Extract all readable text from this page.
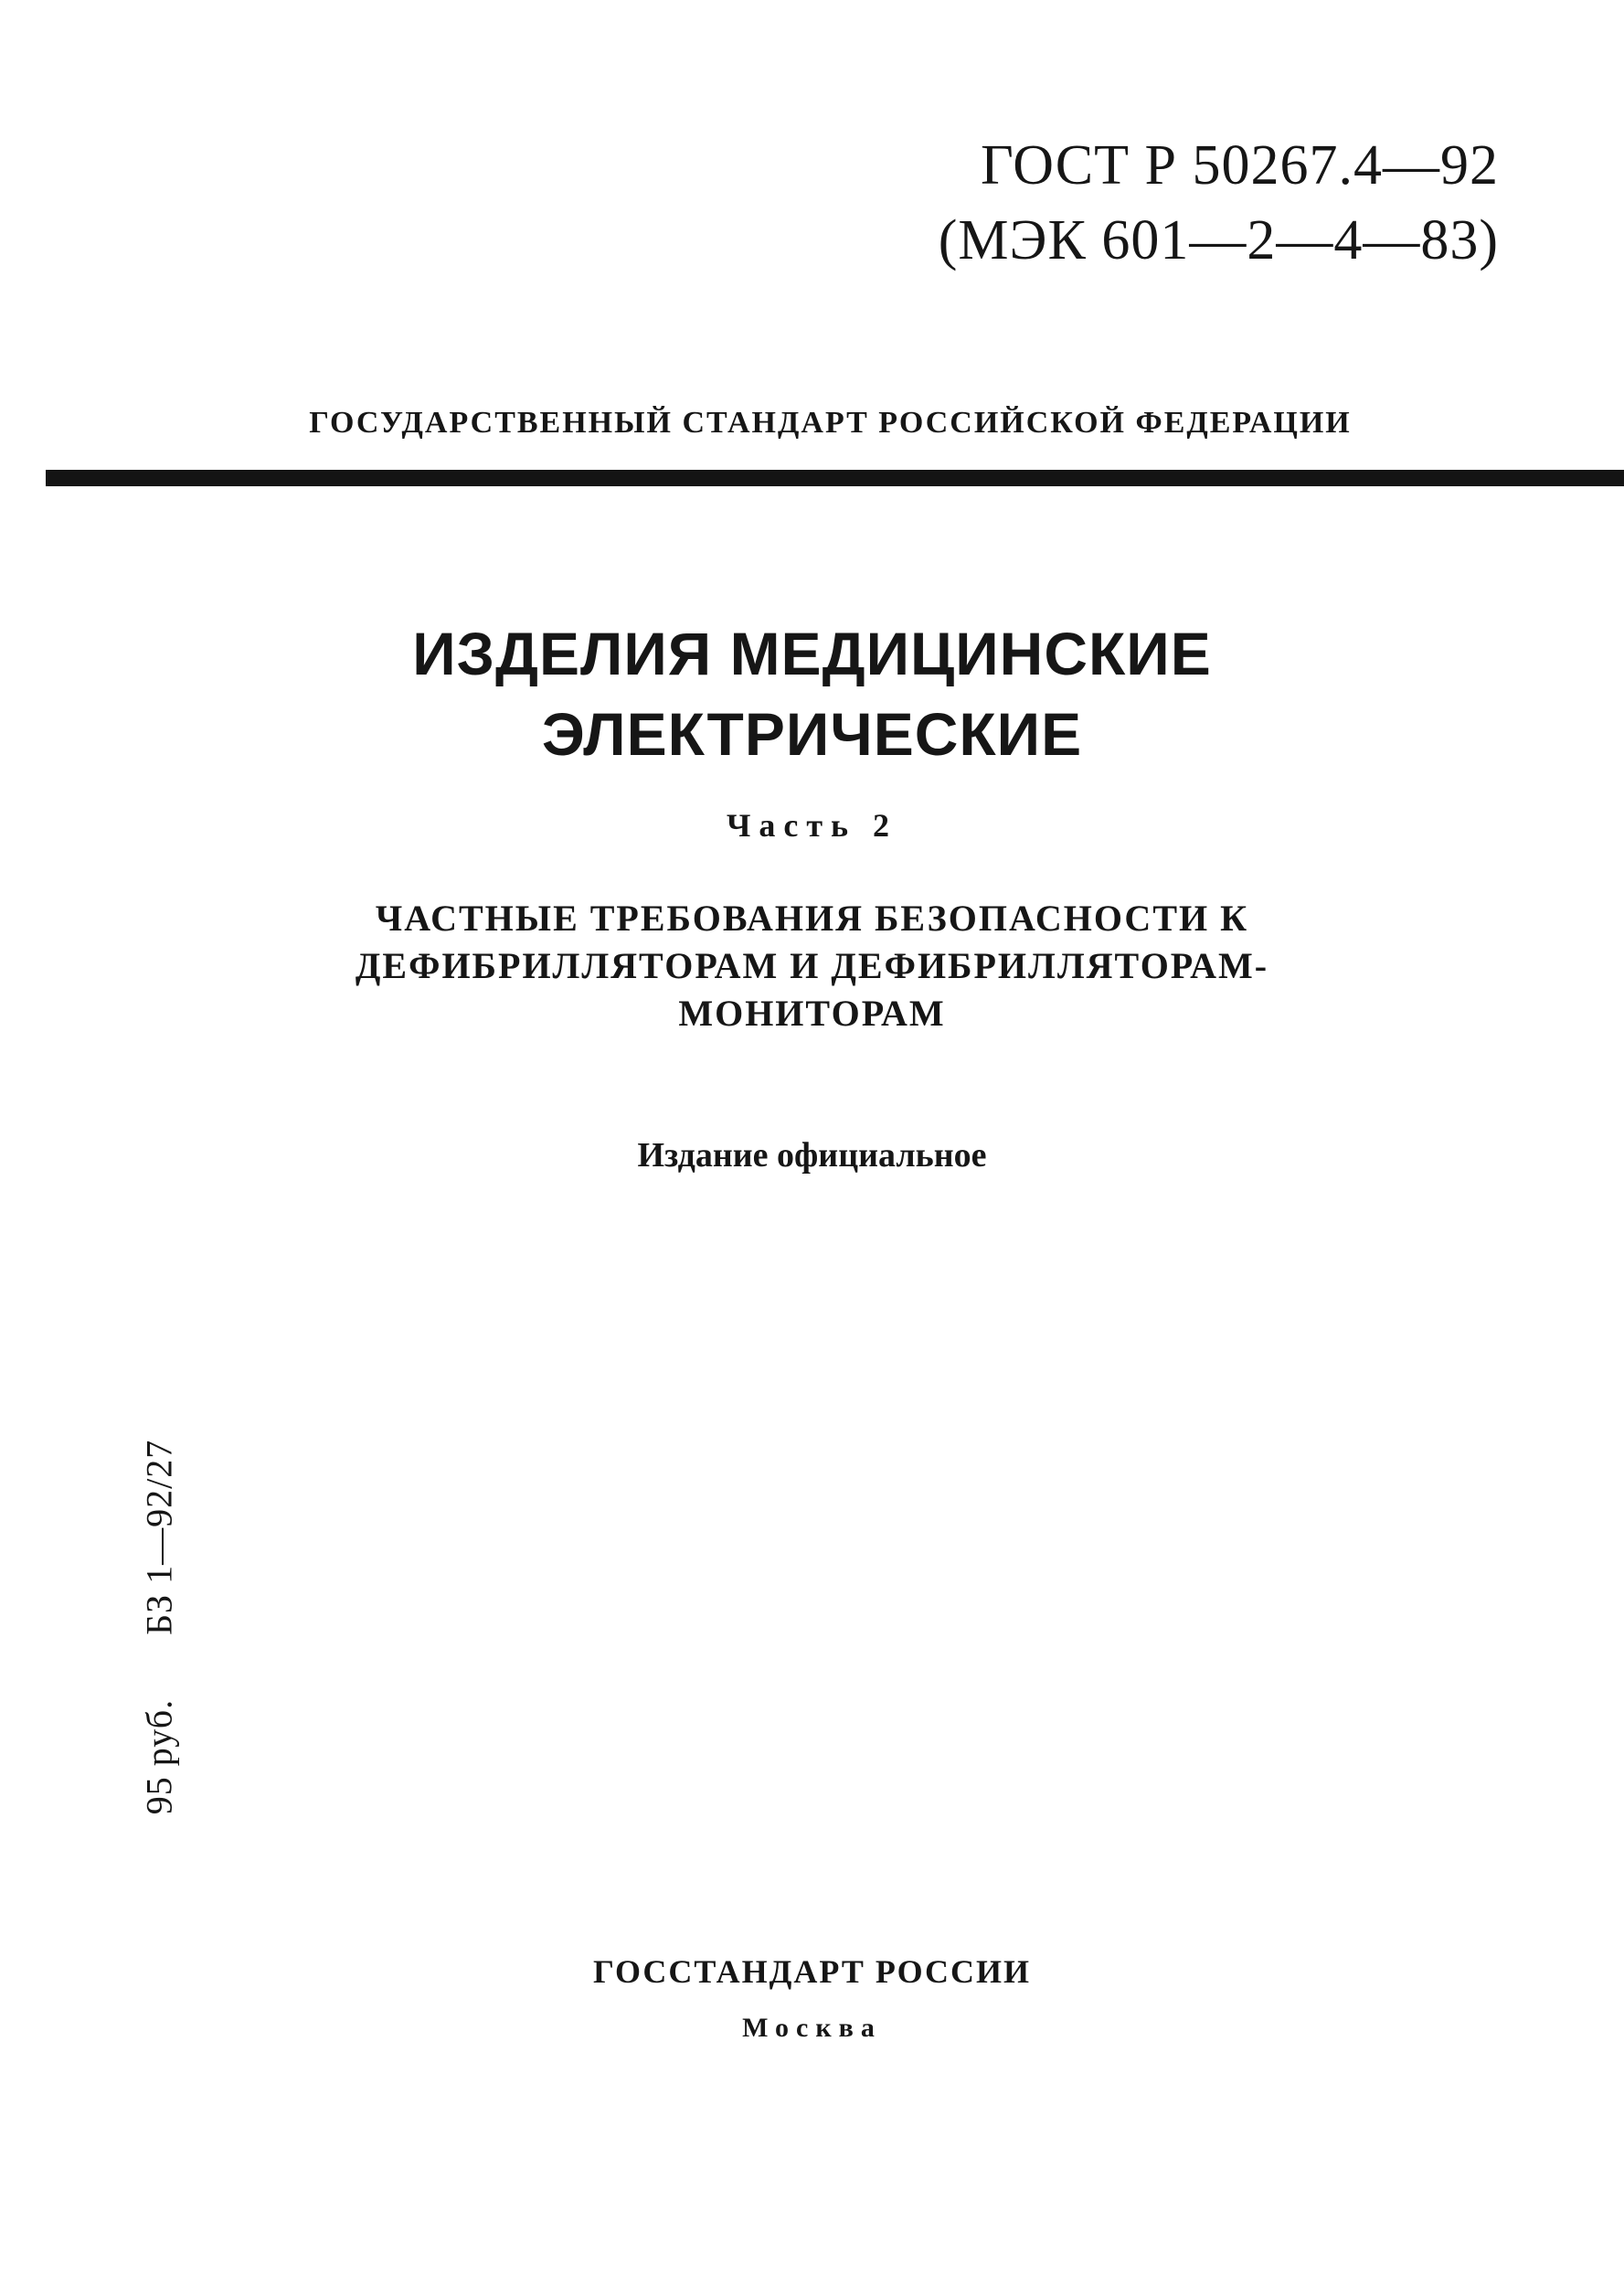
ГОСТ Р 50267.4—92
(МЭК 601—2—4—83)
ГОСУДАРСТВЕННЫЙ СТАНДАРТ РОССИЙСКОЙ ФЕДЕРАЦИИ
ИЗДЕЛИЯ МЕДИЦИНСКИЕ
ЭЛЕКТРИЧЕСКИЕ
Часть 2
ЧАСТНЫЕ ТРЕБОВАНИЯ БЕЗОПАСНОСТИ К
ДЕФИБРИЛЛЯТОРАМ И ДЕФИБРИЛЛЯТОРАМ-
МОНИТОРАМ
Издание официальное
95 руб.БЗ 1—92/27
ГОССТАНДАРТ РОССИИ
Москва
